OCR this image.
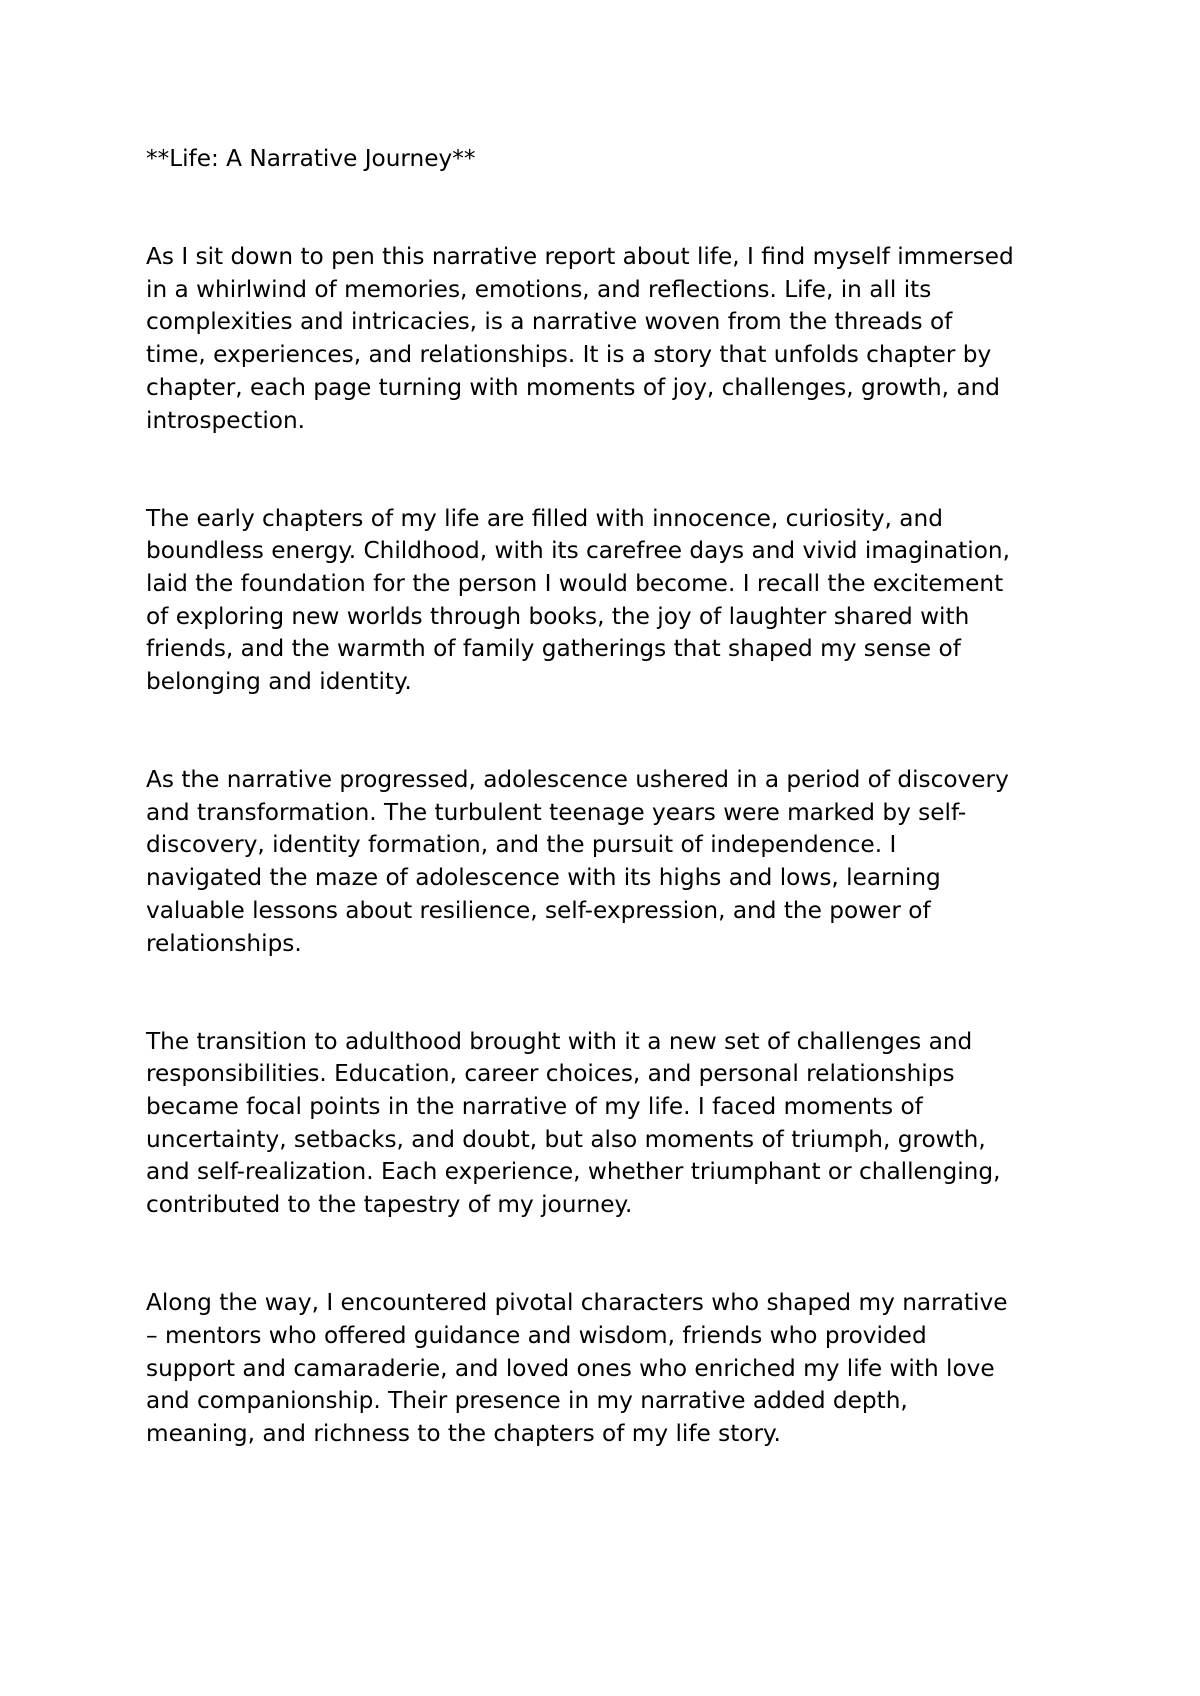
**Life: A Narrative Journey**
As I sit down to pen this narrative report about life, I find myself immersed
in a whirlwind of memories, emotions, and reflections. Life, in all its
complexities and intricacies, is a narrative woven from the threads of
time, experiences, and relationships. It is a story that unfolds chapter by
chapter, each page turning with moments of joy, challenges, growth, and
introspection.
The early chapters of my life are filled with innocence, curiosity, and
boundless energy. Childhood, with its carefree days and vivid imagination,
laid the foundation for the person I would become. I recall the excitement
of exploring new worlds through books, the joy of laughter shared with
friends, and the warmth of family gatherings that shaped my sense of
belonging and identity.
As the narrative progressed, adolescence ushered in a period of discovery
and transformation. The turbulent teenage years were marked by self-
discovery, identity formation, and the pursuit of independence. I
navigated the maze of adolescence with its highs and lows, learning
valuable lessons about resilience, self-expression, and the power of
relationships.
The transition to adulthood brought with it a new set of challenges and
responsibilities. Education, career choices, and personal relationships
became focal points in the narrative of my life. I faced moments of
uncertainty, setbacks, and doubt, but also moments of triumph, growth,
and self-realization. Each experience, whether triumphant or challenging,
contributed to the tapestry of my journey.
Along the way, I encountered pivotal characters who shaped my narrative
– mentors who offered guidance and wisdom, friends who provided
support and camaraderie, and loved ones who enriched my life with love
and companionship. Their presence in my narrative added depth,
meaning, and richness to the chapters of my life story.
